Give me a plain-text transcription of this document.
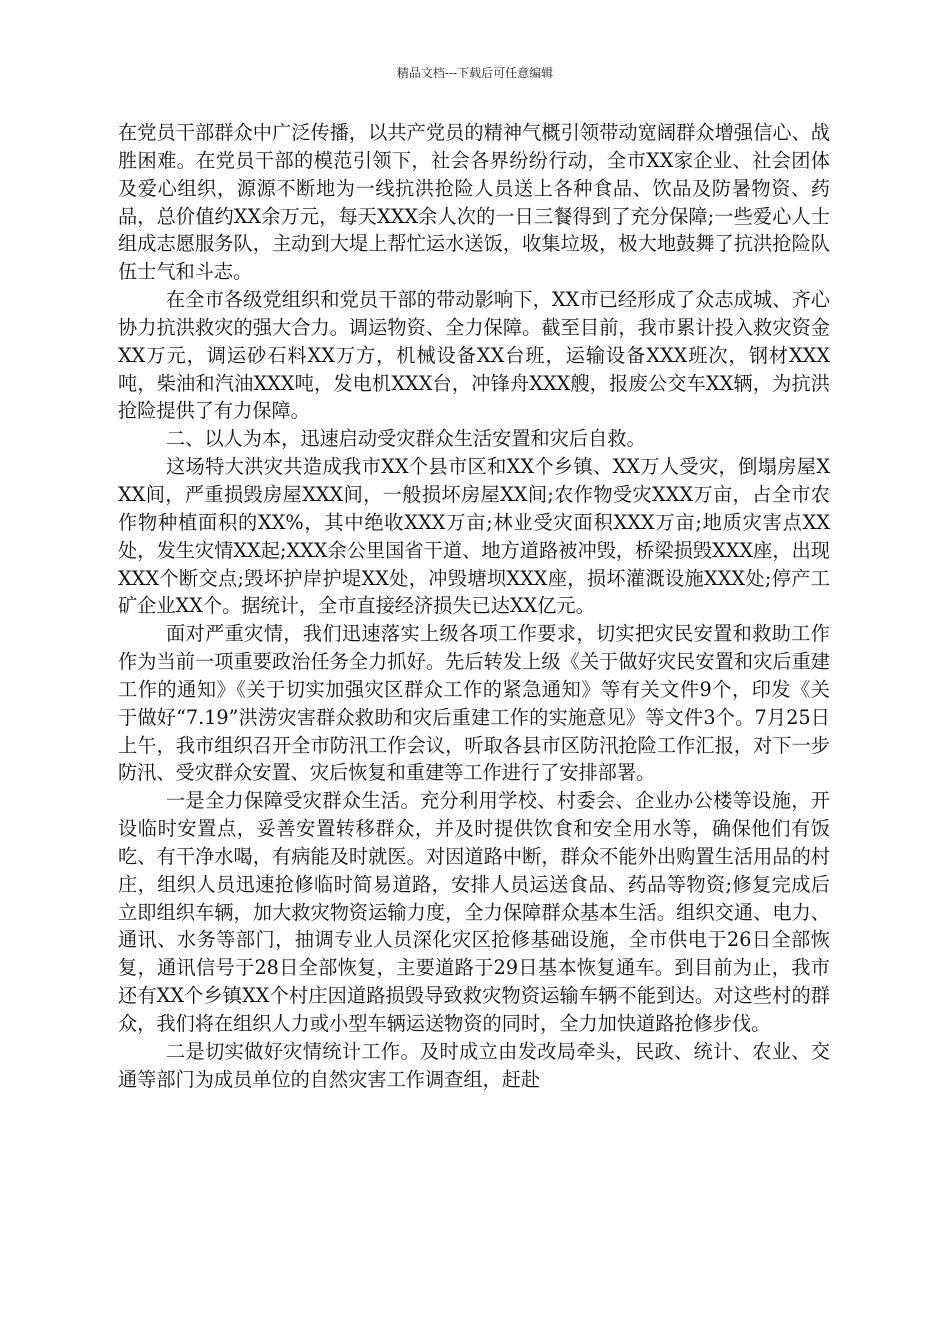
精品文档---下载后可任意编辑

在党员干部群众中广泛传播，以共产党员的精神气概引领带动宽阔群众增强信心、战胜困难。在党员干部的模范引领下，社会各界纷纷行动，全市XX家企业、社会团体及爱心组织，源源不断地为一线抗洪抢险人员送上各种食品、饮品及防暑物资、药品，总价值约XX余万元，每天XXX余人次的一日三餐得到了充分保障;一些爱心人士组成志愿服务队，主动到大堤上帮忙运水送饭，收集垃圾，极大地鼓舞了抗洪抢险队伍士气和斗志。

在全市各级党组织和党员干部的带动影响下，XX市已经形成了众志成城、齐心协力抗洪救灾的强大合力。调运物资、全力保障。截至目前，我市累计投入救灾资金XX万元，调运砂石料XX万方，机械设备XX台班，运输设备XXX班次，钢材XXX吨，柴油和汽油XXX吨，发电机XXX台，冲锋舟XXX艘，报废公交车XX辆，为抗洪抢险提供了有力保障。

二、以人为本，迅速启动受灾群众生活安置和灾后自救。

这场特大洪灾共造成我市XX个县市区和XX个乡镇、XX万人受灾，倒塌房屋XXX间，严重损毁房屋XXX间，一般损坏房屋XX间;农作物受灾XXX万亩，占全市农作物种植面积的XX%，其中绝收XXX万亩;林业受灾面积XXX万亩;地质灾害点XX处，发生灾情XX起;XXX余公里国省干道、地方道路被冲毁，桥梁损毁XXX座，出现XXX个断交点;毁坏护岸护堤XX处，冲毁塘坝XXX座，损坏灌溉设施XXX处;停产工矿企业XX个。据统计，全市直接经济损失已达XX亿元。

面对严重灾情，我们迅速落实上级各项工作要求，切实把灾民安置和救助工作作为当前一项重要政治任务全力抓好。先后转发上级《关于做好灾民安置和灾后重建工作的通知》《关于切实加强灾区群众工作的紧急通知》等有关文件9个，印发《关于做好“7.19”洪涝灾害群众救助和灾后重建工作的实施意见》等文件3个。7月25日上午，我市组织召开全市防汛工作会议，听取各县市区防汛抢险工作汇报，对下一步防汛、受灾群众安置、灾后恢复和重建等工作进行了安排部署。

一是全力保障受灾群众生活。充分利用学校、村委会、企业办公楼等设施，开设临时安置点，妥善安置转移群众，并及时提供饮食和安全用水等，确保他们有饭吃、有干净水喝，有病能及时就医。对因道路中断，群众不能外出购置生活用品的村庄，组织人员迅速抢修临时简易道路，安排人员运送食品、药品等物资;修复完成后立即组织车辆，加大救灾物资运输力度，全力保障群众基本生活。组织交通、电力、通讯、水务等部门，抽调专业人员深化灾区抢修基础设施，全市供电于26日全部恢复，通讯信号于28日全部恢复，主要道路于29日基本恢复通车。到目前为止，我市还有XX个乡镇XX个村庄因道路损毁导致救灾物资运输车辆不能到达。对这些村的群众，我们将在组织人力或小型车辆运送物资的同时，全力加快道路抢修步伐。

二是切实做好灾情统计工作。及时成立由发改局牵头，民政、统计、农业、交通等部门为成员单位的自然灾害工作调查组，赶赴
